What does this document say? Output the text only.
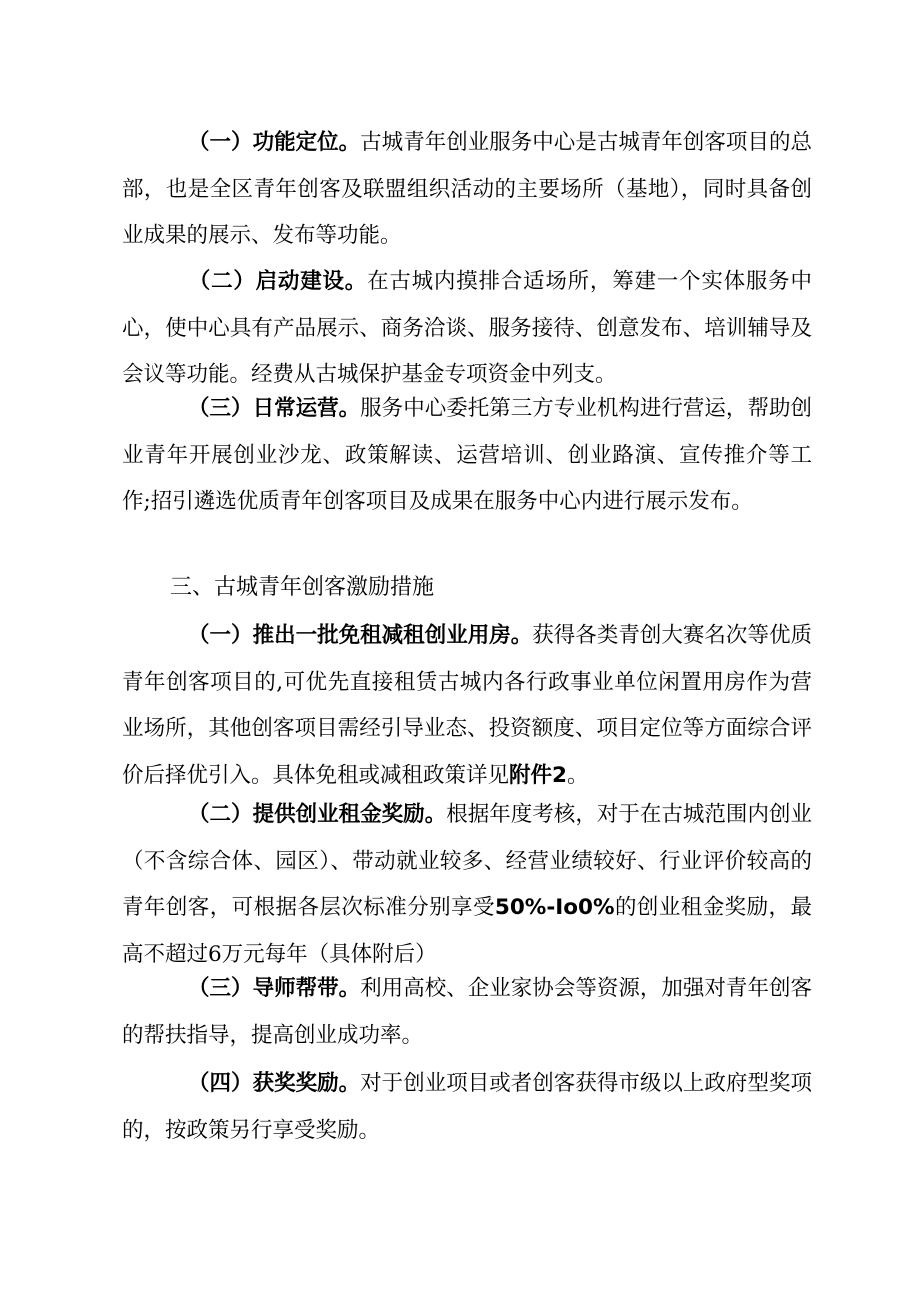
（一）功能定位。古城青年创业服务中心是古城青年创客项目的总部，也是全区青年创客及联盟组织活动的主要场所（基地），同时具备创业成果的展示、发布等功能。

（二）启动建设。在古城内摸排合适场所，筹建一个实体服务中心，使中心具有产品展示、商务洽谈、服务接待、创意发布、培训辅导及会议等功能。经费从古城保护基金专项资金中列支。

（三）日常运营。服务中心委托第三方专业机构进行营运，帮助创业青年开展创业沙龙、政策解读、运营培训、创业路演、宣传推介等工作;招引遴选优质青年创客项目及成果在服务中心内进行展示发布。

三、古城青年创客激励措施

（一）推出一批免租减租创业用房。获得各类青创大赛名次等优质青年创客项目的,可优先直接租赁古城内各行政事业单位闲置用房作为营业场所，其他创客项目需经引导业态、投资额度、项目定位等方面综合评价后择优引入。具体免租或减租政策详见附件2。

（二）提供创业租金奖励。根据年度考核，对于在古城范围内创业（不含综合体、园区）、带动就业较多、经营业绩较好、行业评价较高的青年创客，可根据各层次标准分别享受50%-Io0%的创业租金奖励，最高不超过6万元每年（具体附后）

（三）导师帮带。利用高校、企业家协会等资源，加强对青年创客的帮扶指导，提高创业成功率。

（四）获奖奖励。对于创业项目或者创客获得市级以上政府型奖项的，按政策另行享受奖励。
